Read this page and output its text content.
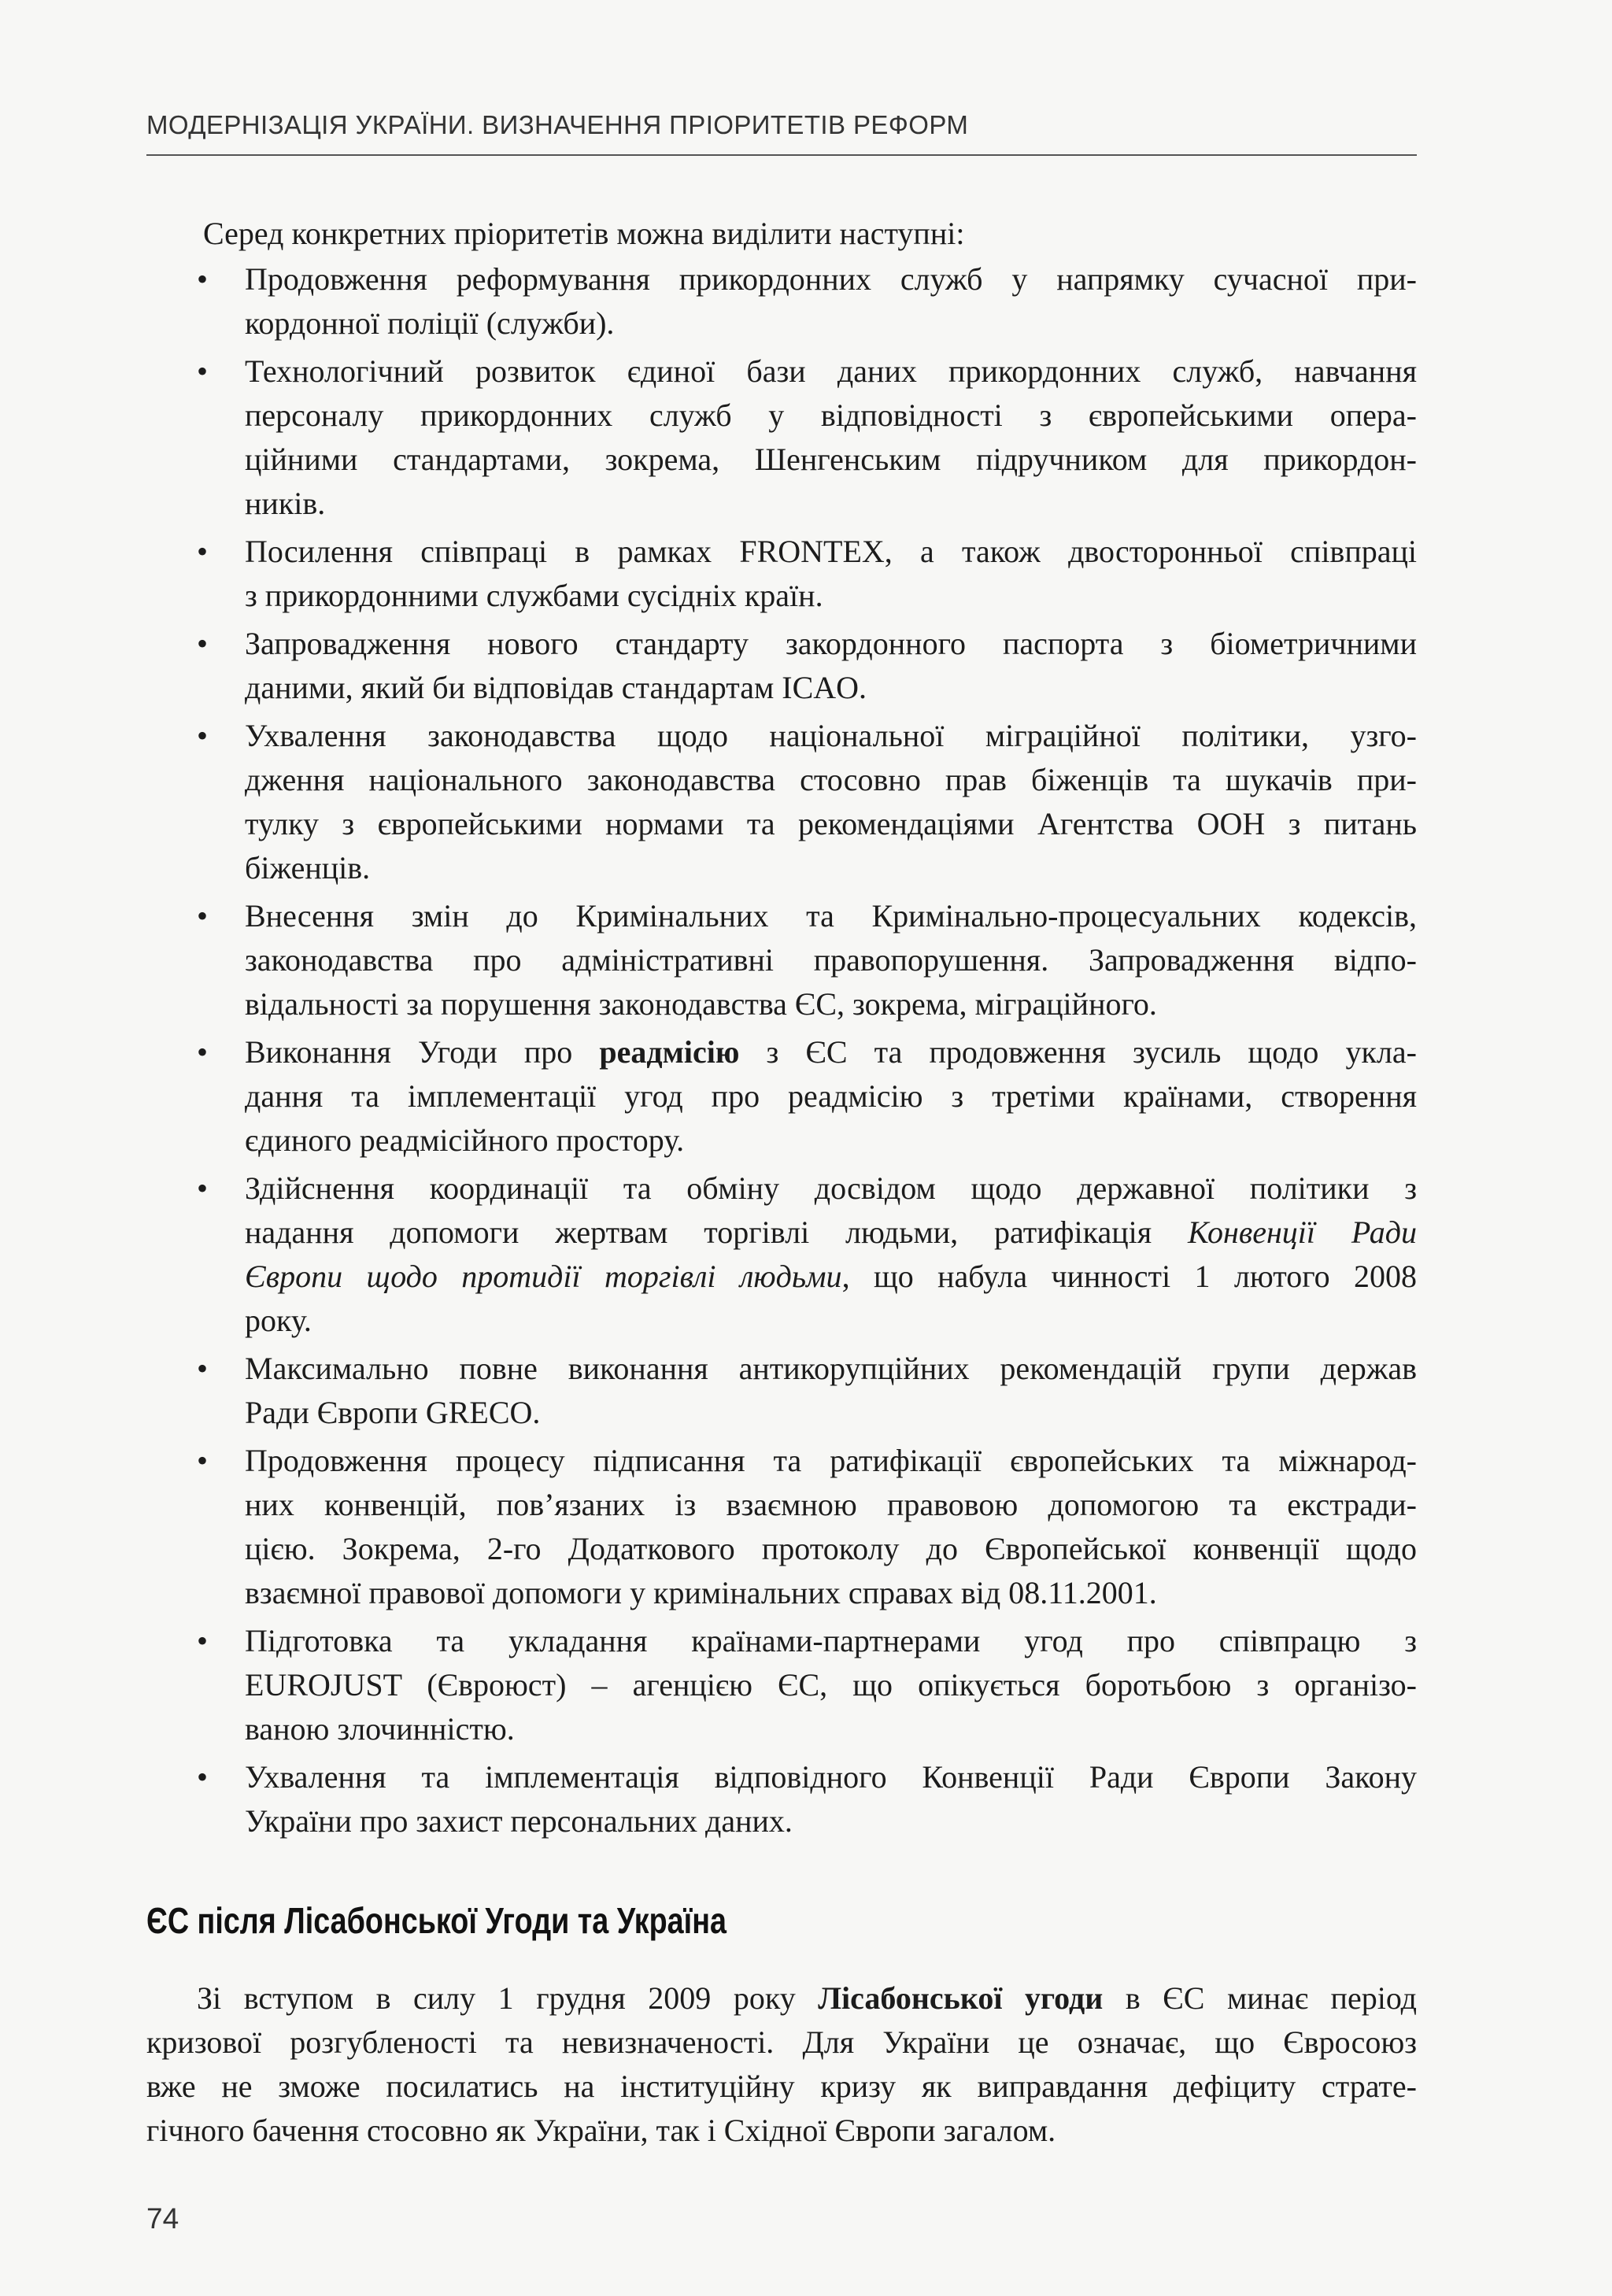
МОДЕРНІЗАЦІЯ УКРАЇНИ. ВИЗНАЧЕННЯ ПРІОРИТЕТІВ РЕФОРМ
Серед конкретних пріоритетів можна виділити наступні:
• Продовження реформування прикордонних служб у напрямку сучасної при-
кордонної поліції (служби).
• Технологічний розвиток єдиної бази даних прикордонних служб, навчання
персоналу прикордонних служб у відповідності з європейськими опера-
ційними стандартами, зокрема, Шенгенським підручником для прикордон-
ників.
• Посилення співпраці в рамках FRONTEX, а також двосторонньої співпраці
з прикордонними службами сусідніх країн.
• Запровадження нового стандарту закордонного паспорта з біометричними
даними, який би відповідав стандартам ICAO.
• Ухвалення законодавства щодо національної міграційної політики, узго-
дження національного законодавства стосовно прав біженців та шукачів при-
тулку з європейськими нормами та рекомендаціями Агентства ООН з питань
біженців.
• Внесення змін до Кримінальних та Кримінально-процесуальних кодексів,
законодавства про адміністративні правопорушення. Запровадження відпо-
відальності за порушення законодавства ЄС, зокрема, міграційного.
• Виконання Угоди про реадмісію з ЄС та продовження зусиль щодо укла-
дання та імплементації угод про реадмісію з третіми країнами, створення
єдиного реадмісійного простору.
• Здійснення координації та обміну досвідом щодо державної політики з
надання допомоги жертвам торгівлі людьми, ратифікація Конвенції Ради
Європи щодо протидії торгівлі людьми, що набула чинності 1 лютого 2008
року.
• Максимально повне виконання антикорупційних рекомендацій групи держав
Ради Європи GRECO.
• Продовження процесу підписання та ратифікації європейських та міжнарод-
них конвенцій, пов’язаних із взаємною правовою допомогою та екстради-
цією. Зокрема, 2-го Додаткового протоколу до Європейської конвенції щодо
взаємної правової допомоги у кримінальних справах від 08.11.2001.
• Підготовка та укладання країнами-партнерами угод про співпрацю з
EUROJUST (Євроюст) – агенцією ЄС, що опікується боротьбою з організо-
ваною злочинністю.
• Ухвалення та імплементація відповідного Конвенції Ради Європи Закону
України про захист персональних даних.
ЄС після Лісабонської Угоди та Україна
Зі вступом в силу 1 грудня 2009 року Лісабонської угоди в ЄС минає період
кризової розгубленості та невизначеності. Для України це означає, що Євросоюз
вже не зможе посилатись на інституційну кризу як виправдання дефіциту страте-
гічного бачення стосовно як України, так і Східної Європи загалом.
74
